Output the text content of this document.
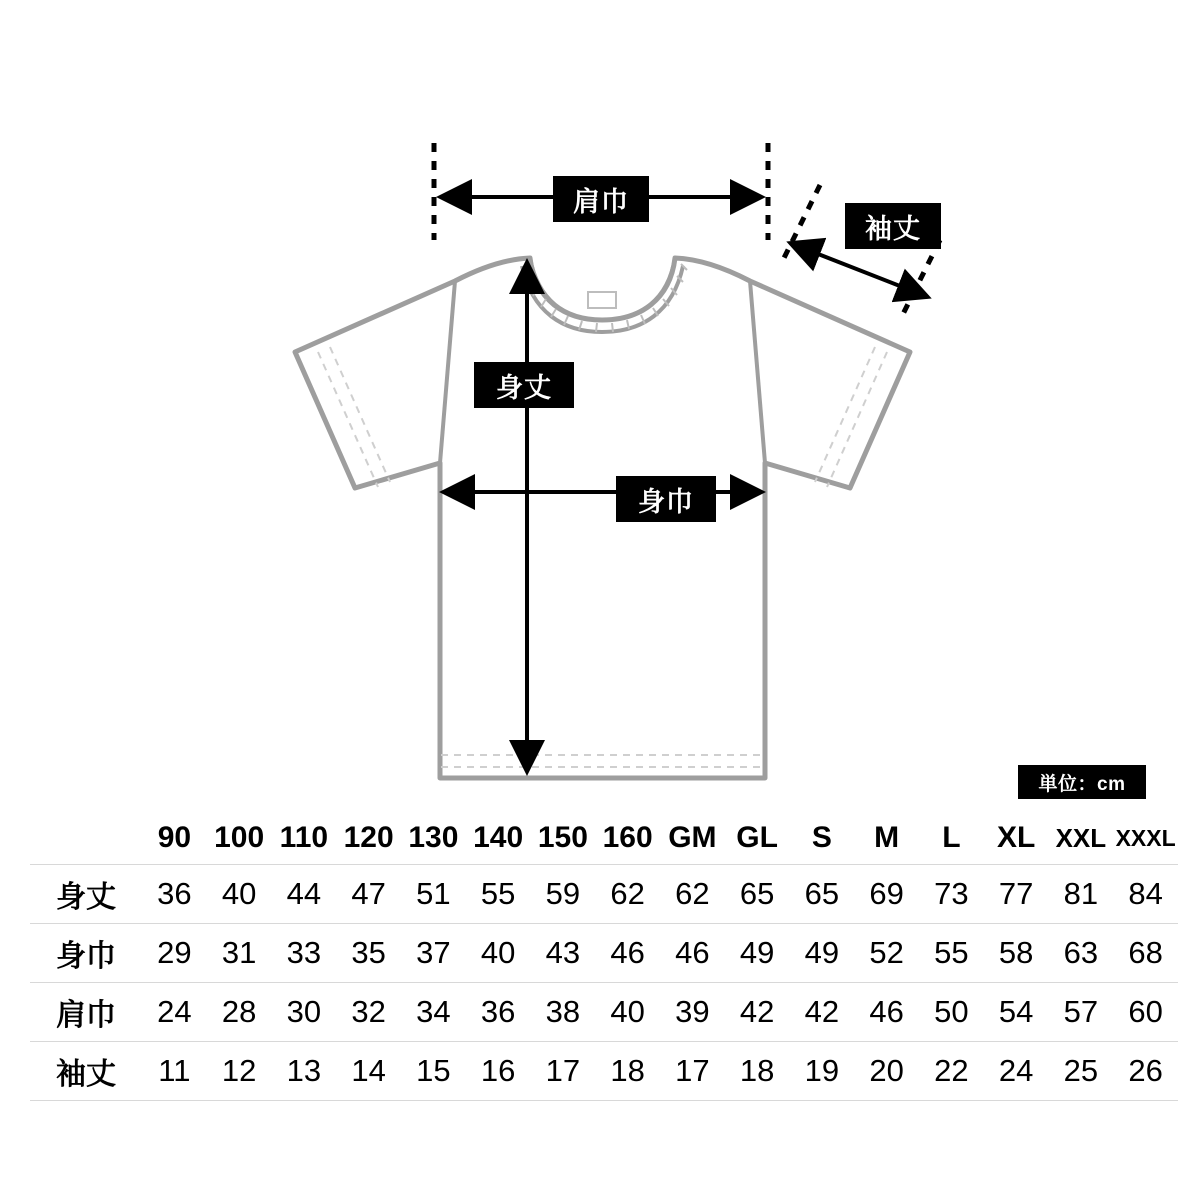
肩巾
袖丈
身丈
身巾
単位：cm
	90	100	110	120	130	140	150	160	GM	GL	S	M	L	XL	XXL	XXXL
身丈	36	40	44	47	51	55	59	62	62	65	65	69	73	77	81	84
身巾	29	31	33	35	37	40	43	46	46	49	49	52	55	58	63	68
肩巾	24	28	30	32	34	36	38	40	39	42	42	46	50	54	57	60
袖丈	11	12	13	14	15	16	17	18	17	18	19	20	22	24	25	26
